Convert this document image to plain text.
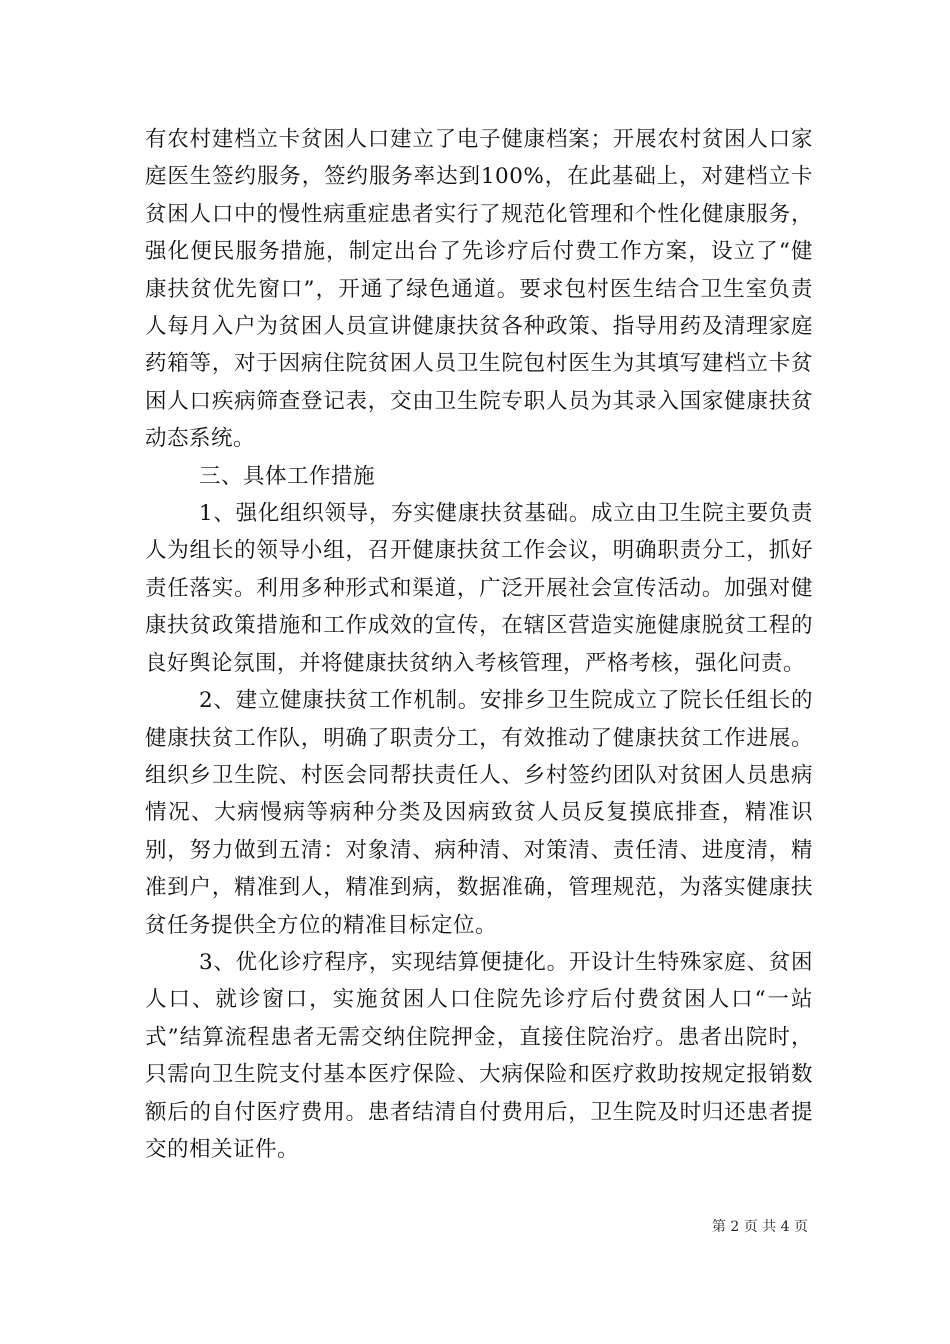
有农村建档立卡贫困人口建立了电子健康档案；开展农村贫困人口家庭医生签约服务，签约服务率达到100%，在此基础上，对建档立卡贫困人口中的慢性病重症患者实行了规范化管理和个性化健康服务，强化便民服务措施，制定出台了先诊疗后付费工作方案，设立了“健康扶贫优先窗口”，开通了绿色通道。要求包村医生结合卫生室负责人每月入户为贫困人员宣讲健康扶贫各种政策、指导用药及清理家庭药箱等，对于因病住院贫困人员卫生院包村医生为其填写建档立卡贫困人口疾病筛查登记表，交由卫生院专职人员为其录入国家健康扶贫动态系统。

三、具体工作措施

1、强化组织领导，夯实健康扶贫基础。成立由卫生院主要负责人为组长的领导小组，召开健康扶贫工作会议，明确职责分工，抓好责任落实。利用多种形式和渠道，广泛开展社会宣传活动。加强对健康扶贫政策措施和工作成效的宣传，在辖区营造实施健康脱贫工程的良好舆论氛围，并将健康扶贫纳入考核管理，严格考核，强化问责。

2、建立健康扶贫工作机制。安排乡卫生院成立了院长任组长的健康扶贫工作队，明确了职责分工，有效推动了健康扶贫工作进展。组织乡卫生院、村医会同帮扶责任人、乡村签约团队对贫困人员患病情况、大病慢病等病种分类及因病致贫人员反复摸底排查，精准识别，努力做到五清：对象清、病种清、对策清、责任清、进度清，精准到户，精准到人，精准到病，数据准确，管理规范，为落实健康扶贫任务提供全方位的精准目标定位。

3、优化诊疗程序，实现结算便捷化。开设计生特殊家庭、贫困人口、就诊窗口，实施贫困人口住院先诊疗后付费贫困人口“一站式”结算流程患者无需交纳住院押金，直接住院治疗。患者出院时，只需向卫生院支付基本医疗保险、大病保险和医疗救助按规定报销数额后的自付医疗费用。患者结清自付费用后，卫生院及时归还患者提交的相关证件。

第 2 页 共 4 页
